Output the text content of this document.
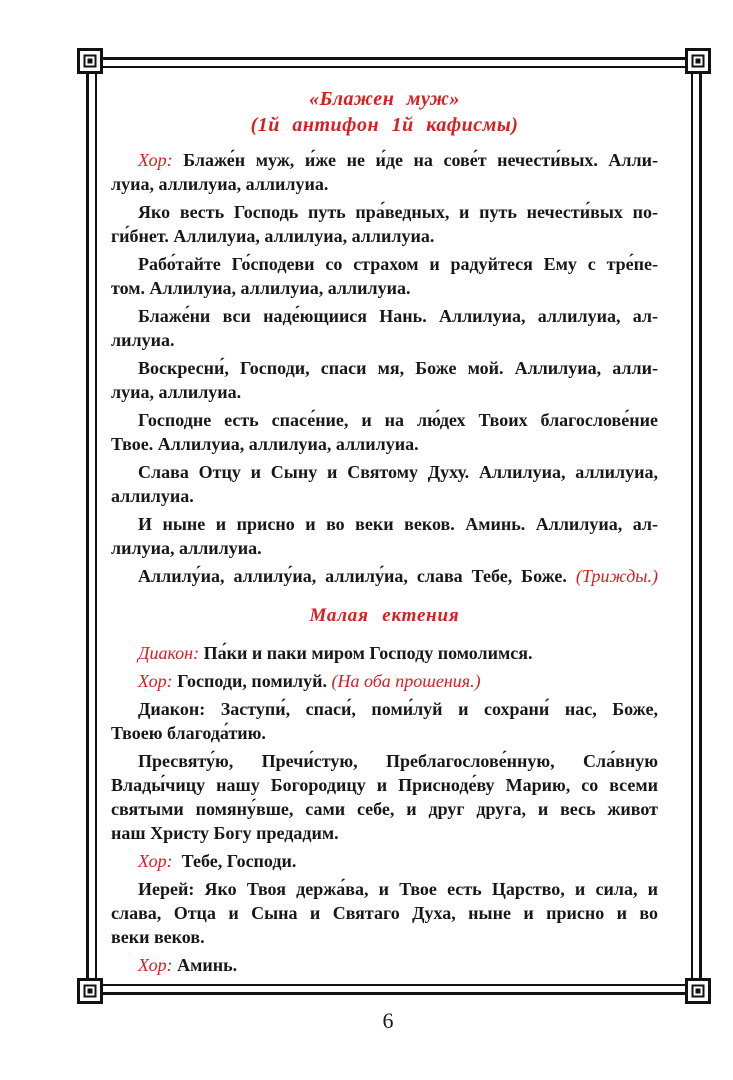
«Блажен муж»
(1й антифон 1й кафисмы)
Хор: Блаже́н муж, и́же не и́де на сове́т нечести́вых. Алли-
луиа, аллилуиа, аллилуиа.
Яко весть Господь путь пра́ведных, и путь нечести́вых по-
ги́бнет. Аллилуиа, аллилуиа, аллилуиа.
Рабо́тайте Го́сподеви со страхом и радуйтеся Ему с тре́пе-
том. Аллилуиа, аллилуиа, аллилуиа.
Блаже́ни вси наде́ющиися Нань. Аллилуиа, аллилуиа, ал-
лилуиа.
Воскресни́, Господи, спаси мя, Боже мой. Аллилуиа, алли-
луиа, аллилуиа.
Господне есть спасе́ние, и на лю́дех Твоих благослове́ние
Твое. Аллилуиа, аллилуиа, аллилуиа.
Слава Отцу и Сыну и Святому Духу. Аллилуиа, аллилуиа,
аллилуиа.
И ныне и присно и во веки веков. Аминь. Аллилуиа, ал-
лилуиа, аллилуиа.
Аллилу́иа, аллилу́иа, аллилу́иа, слава Тебе, Боже. (Трижды.)
Малая ектения
Диакон: Па́ки и паки миром Господу помолимся.
Хор: Господи, помилуй. (На оба прошения.)
Диакон: Заступи́, спаси́, поми́луй и сохрани́ нас, Боже,
Твоею благода́тию.
Пресвяту́ю, Пречи́стую, Преблагослове́нную, Сла́вную
Влады́чицу нашу Богородицу и Присноде́ву Марию, со всеми
святыми помяну́вше, сами себе, и друг друга, и весь живот
наш Христу Богу предадим.
Хор:  Тебе, Господи.
Иерей: Яко Твоя держа́ва, и Твое есть Царство, и сила, и
слава, Отца и Сына и Святаго Духа, ныне и присно и во
веки веков.
Хор: Аминь.
6
